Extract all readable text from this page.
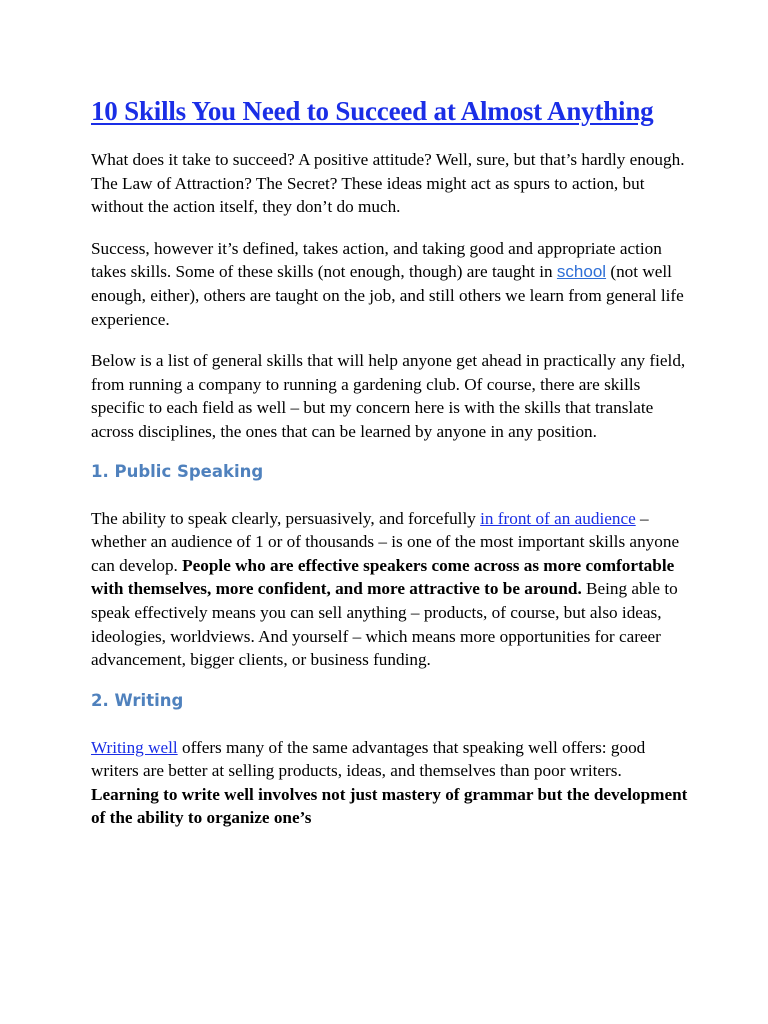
10 Skills You Need to Succeed at Almost Anything

What does it take to succeed? A positive attitude? Well, sure, but that’s hardly enough. The Law of Attraction? The Secret? These ideas might act as spurs to action, but without the action itself, they don’t do much.

Success, however it’s defined, takes action, and taking good and appropriate action takes skills. Some of these skills (not enough, though) are taught in school (not well enough, either), others are taught on the job, and still others we learn from general life experience.

Below is a list of general skills that will help anyone get ahead in practically any field, from running a company to running a gardening club. Of course, there are skills specific to each field as well – but my concern here is with the skills that translate across disciplines, the ones that can be learned by anyone in any position.

1. Public Speaking

The ability to speak clearly, persuasively, and forcefully in front of an audience – whether an audience of 1 or of thousands – is one of the most important skills anyone can develop. People who are effective speakers come across as more comfortable with themselves, more confident, and more attractive to be around. Being able to speak effectively means you can sell anything – products, of course, but also ideas, ideologies, worldviews. And yourself – which means more opportunities for career advancement, bigger clients, or business funding.

2. Writing

Writing well offers many of the same advantages that speaking well offers: good writers are better at selling products, ideas, and themselves than poor writers. Learning to write well involves not just mastery of grammar but the development of the ability to organize one’s
